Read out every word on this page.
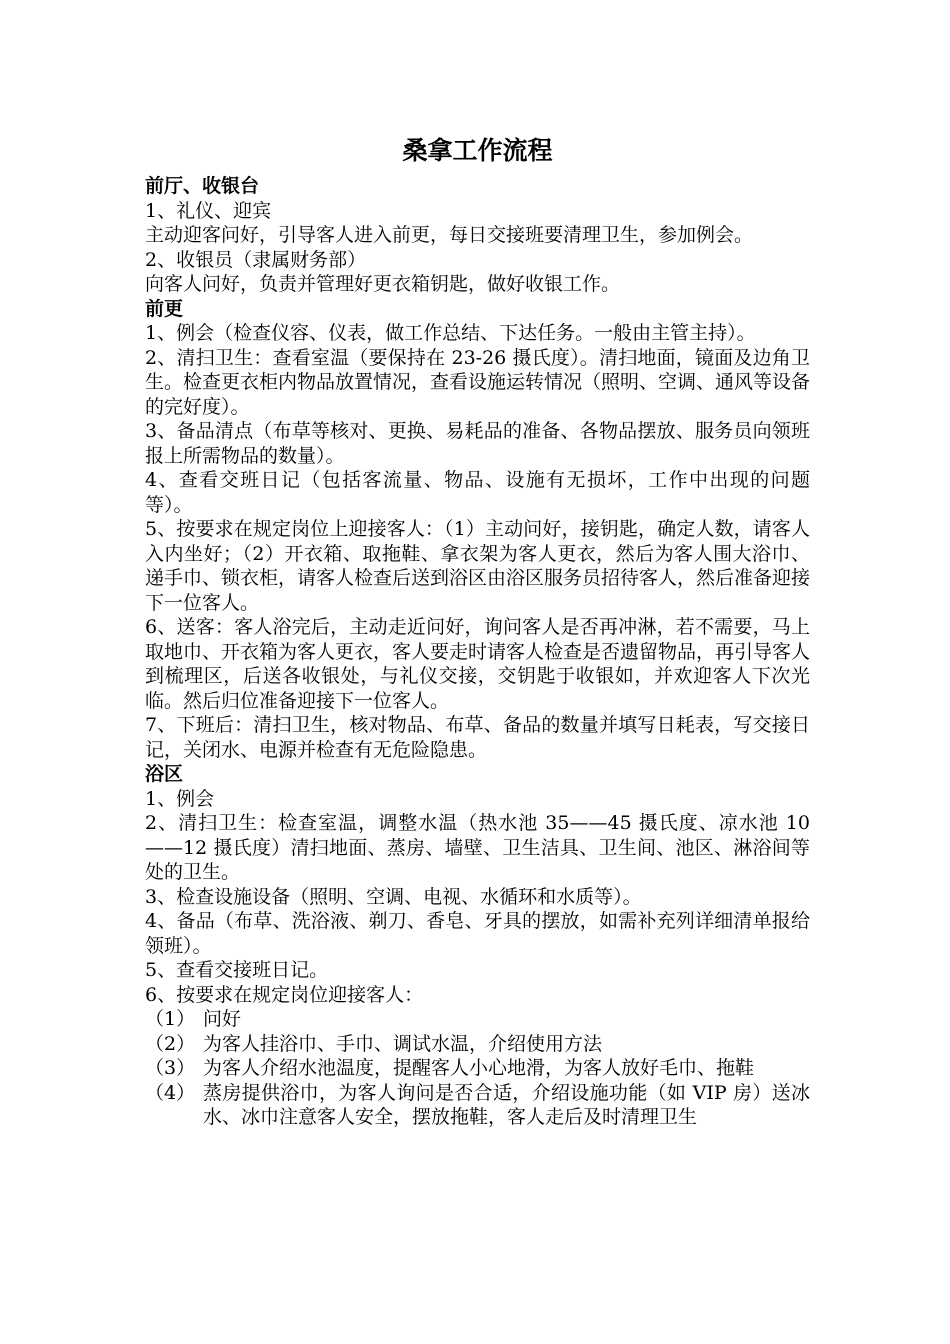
桑拿工作流程
前厅、收银台

1、礼仪、迎宾

主动迎客问好，引导客人进入前更，每日交接班要清理卫生，参加例会。

2、收银员（隶属财务部）

向客人问好，负责并管理好更衣箱钥匙，做好收银工作。

前更

1、例会（检查仪容、仪表，做工作总结、下达任务。一般由主管主持）。

2、清扫卫生：查看室温（要保持在 23-26 摄氏度）。清扫地面，镜面及边角卫生。检查更衣柜内物品放置情况，查看设施运转情况（照明、空调、通风等设备的完好度）。

3、备品清点（布草等核对、更换、易耗品的准备、各物品摆放、服务员向领班报上所需物品的数量）。

4、查看交班日记（包括客流量、物品、设施有无损坏，工作中出现的问题等）。

5、按要求在规定岗位上迎接客人：（1）主动问好，接钥匙，确定人数，请客人入内坐好；（2）开衣箱、取拖鞋、拿衣架为客人更衣，然后为客人围大浴巾、递手巾、锁衣柜，请客人检查后送到浴区由浴区服务员招待客人，然后准备迎接下一位客人。

6、送客：客人浴完后，主动走近问好，询问客人是否再冲淋，若不需要，马上取地巾、开衣箱为客人更衣，客人要走时请客人检查是否遗留物品，再引导客人到梳理区，后送各收银处，与礼仪交接，交钥匙于收银如，并欢迎客人下次光临。然后归位准备迎接下一位客人。

7、下班后：清扫卫生，核对物品、布草、备品的数量并填写日耗表，写交接日记，关闭水、电源并检查有无危险隐患。

浴区

1、例会

2、清扫卫生：检查室温，调整水温（热水池 35——45 摄氏度、凉水池 10——12 摄氏度）清扫地面、蒸房、墙壁、卫生洁具、卫生间、池区、淋浴间等处的卫生。

3、检查设施设备（照明、空调、电视、水循环和水质等）。

4、备品（布草、洗浴液、剃刀、香皂、牙具的摆放，如需补充列详细清单报给领班）。

5、查看交接班日记。

6、按要求在规定岗位迎接客人：

（1） 问好
（2） 为客人挂浴巾、手巾、调试水温，介绍使用方法
（3） 为客人介绍水池温度，提醒客人小心地滑，为客人放好毛巾、拖鞋
（4） 蒸房提供浴巾，为客人询问是否合适，介绍设施功能（如 VIP 房）送冰水、冰巾注意客人安全，摆放拖鞋，客人走后及时清理卫生
